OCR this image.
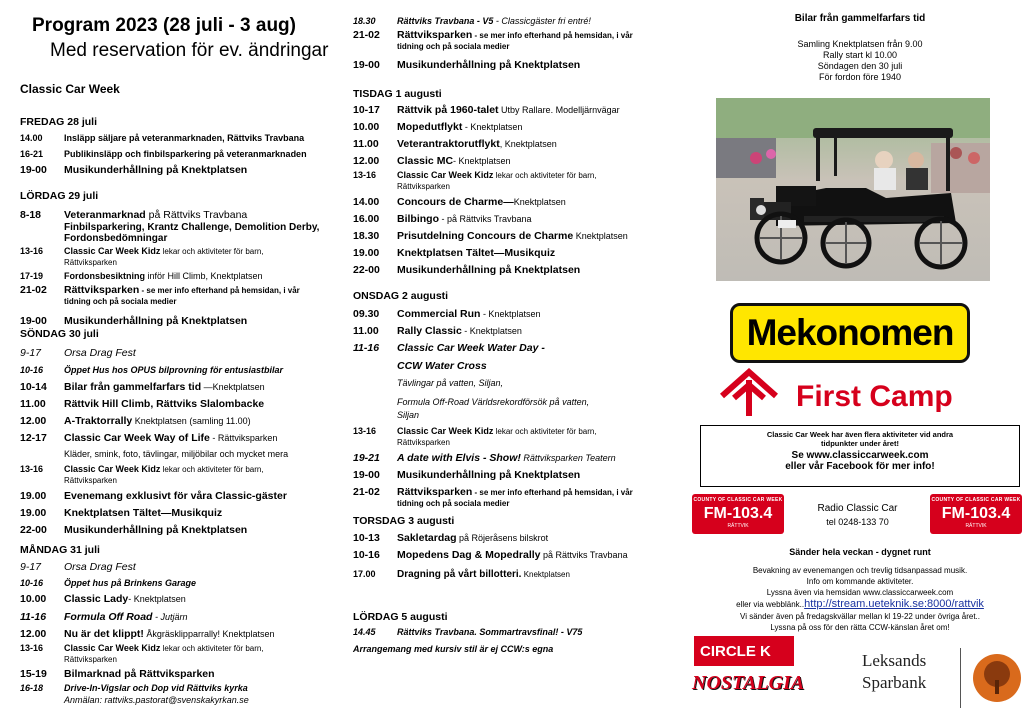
Program 2023 (28 juli - 3 aug)
Med reservation för ev. ändringar
Classic Car Week
FREDAG 28 juli
14.00	Insläpp säljare på veteranmarknaden, Rättviks Travbana
16-21	Publikinsläpp och finbilsparkering på veteranmarknaden
19-00	Musikunderhållning på Knektplatsen
LÖRDAG 29 juli
8-18	Veteranmarknad på Rättviks Travbana
Finbilsparkering, Krantz Challenge, Demolition Derby,
Fordonsbedömningar
13-16	Classic Car Week Kidz lekar och aktiviteter för barn,
Rättviksparken
17-19	Fordonsbesiktning inför Hill Climb, Knektplatsen
21-02	Rättviksparken - se mer info efterhand på hemsidan, i vår
tidning och på sociala medier
19-00	Musikunderhållning på Knektplatsen
SÖNDAG 30 juli
9-17	Orsa Drag Fest
10-16	Öppet Hus hos OPUS bilprovning för entusiastbilar
10-14	Bilar från gammelfarfars tid —Knektplatsen
11.00	Rättvik Hill Climb, Rättviks Slalombacke
12.00	A-Traktorrally Knektplatsen (samling 11.00)
12-17	Classic Car Week Way of Life - Rättviksparken
Kläder, smink, foto, tävlingar, miljöbilar och mycket mera
13-16	Classic Car Week Kidz lekar och aktiviteter för barn,
Rättviksparken
19.00	Evenemang exklusivt för våra Classic-gäster
19.00	Knektplatsen Tältet—Musikquiz
22-00	Musikunderhållning på Knektplatsen
MÅNDAG 31 juli
9-17	Orsa Drag Fest
10-16	Öppet hus på Brinkens Garage
10.00	Classic Lady- Knektplatsen
11-16	Formula Off Road - Jutjärn
12.00	Nu är det klippt! Åkgräsklipparrally! Knektplatsen
13-16	Classic Car Week Kidz lekar och aktiviteter för barn,
Rättviksparken
15-19	Bilmarknad på Rättviksparken
16-18	Drive-In-Vigslar och Dop vid Rättviks kyrka
Anmälan: rattviks.pastorat@svenskakyrkan.se
18.30	Rättviks Travbana - V5 - Classicgäster fri entré!
21-02	Rättviksparken - se mer info efterhand på hemsidan, i vår
tidning och på sociala medier
19-00	Musikunderhållning på Knektplatsen
TISDAG 1 augusti
10-17	Rättvik på 1960-talet Utby Rallare. Modelljärnvägar
10.00	Mopedutflykt - Knektplatsen
11.00	Veterantraktorutflykt, Knektplatsen
12.00	Classic MC- Knektplatsen
13-16	Classic Car Week Kidz lekar och aktiviteter för barn,
Rättviksparken
14.00	Concours de Charme—Knektplatsen
16.00	Bilbingo - på Rättviks Travbana
18.30	Prisutdelning Concours de Charme Knektplatsen
19.00	Knektplatsen Tältet—Musikquiz
22-00	Musikunderhållning på Knektplatsen
ONSDAG 2 augusti
09.30	Commercial Run - Knektplatsen
11.00	Rally Classic - Knektplatsen
11-16	Classic Car Week Water Day -
CCW Water Cross
Tävlingar på vatten, Siljan,
Formula Off-Road Världsrekordförsök på vatten,
Siljan
13-16	Classic Car Week Kidz lekar och aktiviteter för barn,
Rättviksparken
19-21	A date with Elvis - Show! Rättviksparken Teatern
19-00	Musikunderhållning på Knektplatsen
21-02	Rättviksparken - se mer info efterhand på hemsidan, i vår
tidning och på sociala medier
TORSDAG 3 augusti
10-13	Sakletardag på Röjeråsens bilskrot
10-16	Mopedens Dag & Mopedrally på Rättviks Travbana
17.00	Dragning på vårt billotteri. Knektplatsen
LÖRDAG 5 augusti
14.45	Rättviks Travbana. Sommartravsfinal! - V75
Arrangemang med kursiv stil är ej CCW:s egna
Bilar från gammelfarfars tid
Samling Knektplatsen från 9.00
Rally start kl 10.00
Söndagen den 30 juli
För fordon före 1940
Mekonomen
First Camp
Classic Car Week har även flera aktiviteter vid andra
tidpunkter under året!
Se www.classiccarweek.com
eller vår Facebook för mer info!
COUNTY OF CLASSIC CAR WEEK
FM-103.4
RÄTTVIK
COUNTY OF CLASSIC CAR WEEK
FM-103.4
RÄTTVIK
Radio Classic Car
tel 0248-133 70
Sänder hela veckan - dygnet runt
Bevakning av evenemangen och trevlig tidsanpassad musik.
Info om kommande aktiviteter.
Lyssna även via hemsidan www.classiccarweek.com
eller via webblänk..http://stream.ueteknik.se:8000/rattvik
Vi sänder även på fredagskvällar mellan kl 19-22 under övriga året..
Lyssna på oss för den rätta CCW-känslan året om!
CIRCLE K
NOSTALGIA
Leksands
Sparbank
